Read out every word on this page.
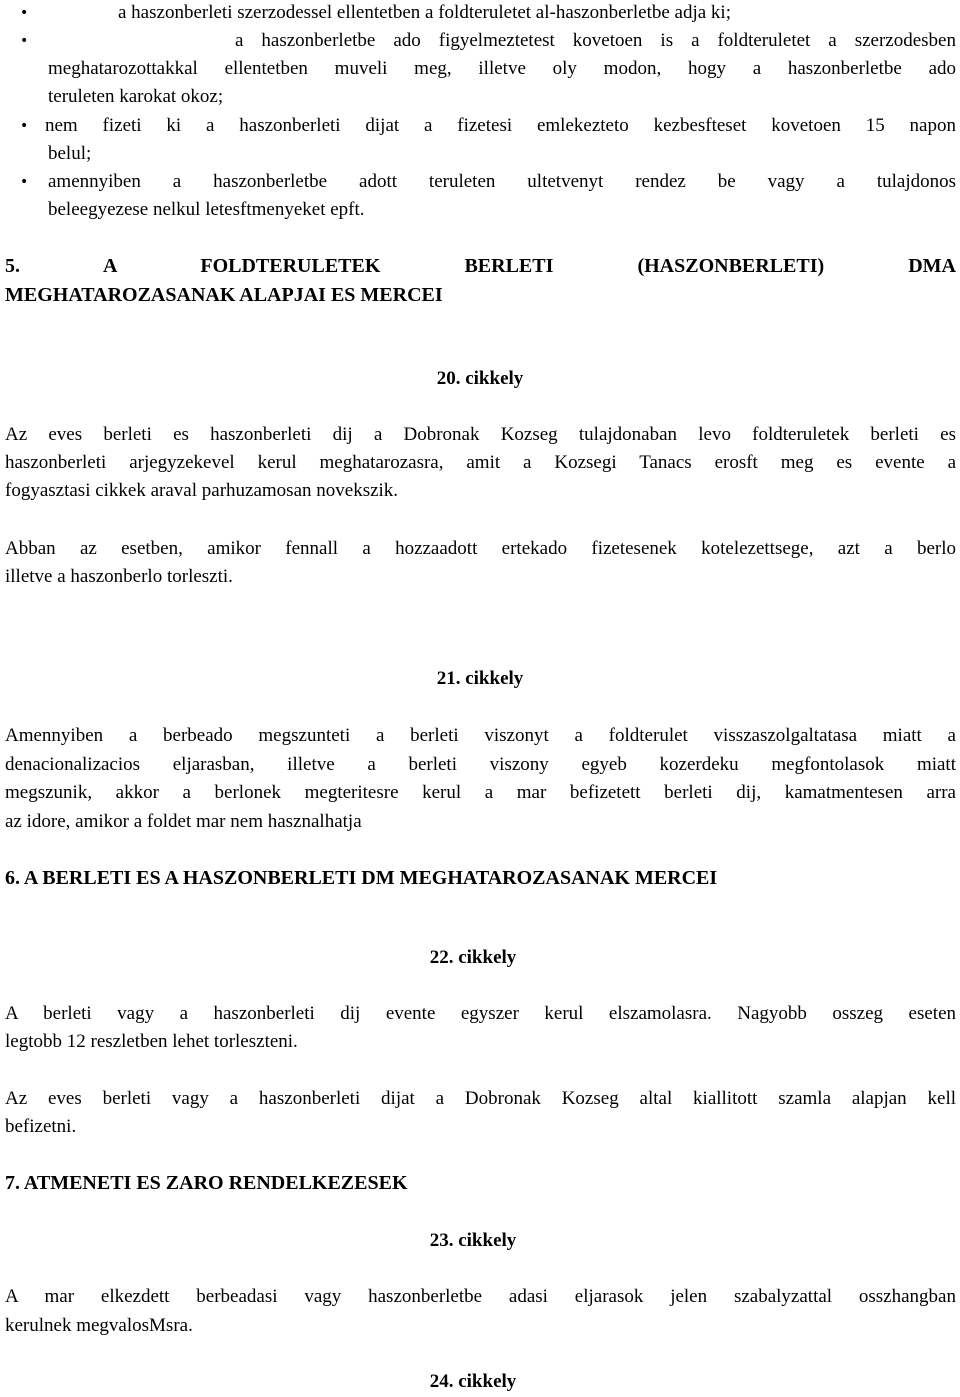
•	a haszonberleti szerzodessel ellentetben a foldteruletet al-haszonberletbe adja ki;
•	a haszonberletbe ado figyelmeztetest kovetoen is a foldteruletet a szerzodesben
meghatarozottakkal ellentetben muveli meg, illetve oly modon, hogy a haszonberletbe ado
teruleten karokat okoz;
• nem fizeti ki a haszonberleti dijat a fizetesi emlekezteto kezbesfteset kovetoen 15 napon
belul;
• amennyiben a haszonberletbe adott teruleten ultetvenyt rendez be vagy a tulajdonos
beleegyezese nelkul letesftmenyeket epft.
5. A FOLDTERULETEK BERLETI (HASZONBERLETI) DMA
MEGHATAROZASANAK ALAPJAI ES MERCEI
20. cikkely
Az eves berleti es haszonberleti dij a Dobronak Kozseg tulajdonaban levo foldteruletek berleti es
haszonberleti arjegyzekevel kerul meghatarozasra, amit a Kozsegi Tanacs erosft meg es evente a
fogyasztasi cikkek araval parhuzamosan novekszik.
Abban az esetben, amikor fennall a hozzaadott ertekado fizetesenek kotelezettsege, azt a berlo
illetve a haszonberlo torleszti.
21. cikkely
Amennyiben a berbeado megszunteti a berleti viszonyt a foldterulet visszaszolgaltatasa miatt a
denacionalizacios eljarasban, illetve a berleti viszony egyeb kozerdeku megfontolasok miatt
megszunik, akkor a berlonek megteritesre kerul a mar befizetett berleti dij, kamatmentesen arra
az idore, amikor a foldet mar nem hasznalhatja
6. A BERLETI ES A HASZONBERLETI DM MEGHATAROZASANAK MERCEI
22. cikkely
A berleti vagy a haszonberleti dij evente egyszer kerul elszamolasra. Nagyobb osszeg eseten
legtobb 12 reszletben lehet torleszteni.
Az eves berleti vagy a haszonberleti dijat a Dobronak Kozseg altal kiallitott szamla alapjan kell
befizetni.
7. ATMENETI ES ZARO RENDELKEZESEK
23. cikkely
A mar elkezdett berbeadasi vagy haszonberletbe adasi eljarasok jelen szabalyzattal osszhangban
kerulnek megvalosMsra.
24. cikkely
